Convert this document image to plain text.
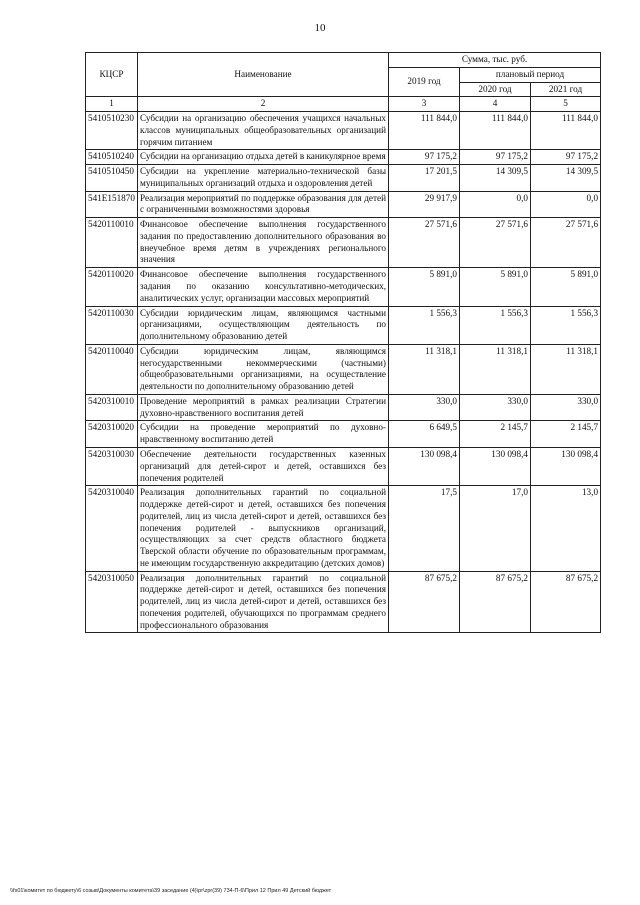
10
КЦСР	Наименование	Сумма, тыс. руб.		
		2019 год	плановый период	
			2020 год	2021 год
1	2	3	4	5
5410510230	Субсидии на организацию обеспечения учащихся начальных классов муниципальных общеобразовательных организаций горячим питанием	111 844,0	111 844,0	111 844,0
5410510240	Субсидии на организацию отдыха детей в каникулярное время	97 175,2	97 175,2	97 175,2
5410510450	Субсидии на укрепление материально-технической базы муниципальных организаций отдыха и оздоровления детей	17 201,5	14 309,5	14 309,5
541E151870	Реализация мероприятий по поддержке образования для детей с ограниченными возможностями здоровья	29 917,9	0,0	0,0
5420110010	Финансовое обеспечение выполнения государственного задания по предоставлению дополнительного образования во внеучебное время детям в учреждениях регионального значения	27 571,6	27 571,6	27 571,6
5420110020	Финансовое обеспечение выполнения государственного задания по оказанию консультативно-методических, аналитических услуг, организации массовых мероприятий	5 891,0	5 891,0	5 891,0
5420110030	Субсидии юридическим лицам, являющимся частными организациями, осуществляющим деятельность по дополнительному образованию детей	1 556,3	1 556,3	1 556,3
5420110040	Субсидии юридическим лицам, являющимся негосударственными некоммерческими (частными) общеобразовательными организациями, на осуществление деятельности по дополнительному образованию детей	11 318,1	11 318,1	11 318,1
5420310010	Проведение мероприятий в рамках реализации Стратегии духовно-нравственного воспитания детей	330,0	330,0	330,0
5420310020	Субсидии на проведение мероприятий по духовно-нравственному воспитанию детей	6 649,5	2 145,7	2 145,7
5420310030	Обеспечение деятельности государственных казенных организаций для детей-сирот и детей, оставшихся без попечения родителей	130 098,4	130 098,4	130 098,4
5420310040	Реализация дополнительных гарантий по социальной поддержке детей-сирот и детей, оставшихся без попечения родителей, лиц из числа детей-сирот и детей, оставшихся без попечения родителей - выпускников организаций, осуществляющих за счет средств областного бюджета Тверской области обучение по образовательным программам, не имеющим государственную аккредитацию (детских домов)	17,5	17,0	13,0
5420310050	Реализация дополнительных гарантий по социальной поддержке детей-сирот и детей, оставшихся без попечения родителей, лиц из числа детей-сирот и детей, оставшихся без попечения родителей, обучающихся по программам среднего профессионального образования	87 675,2	87 675,2	87 675,2
\\fs01\комитет по бюджету\6 созыв\Документы комитета\39 заседание (4)\pr\zpr(39) 734-П-6\Прил 12 Прил 49 Детский бюджет
